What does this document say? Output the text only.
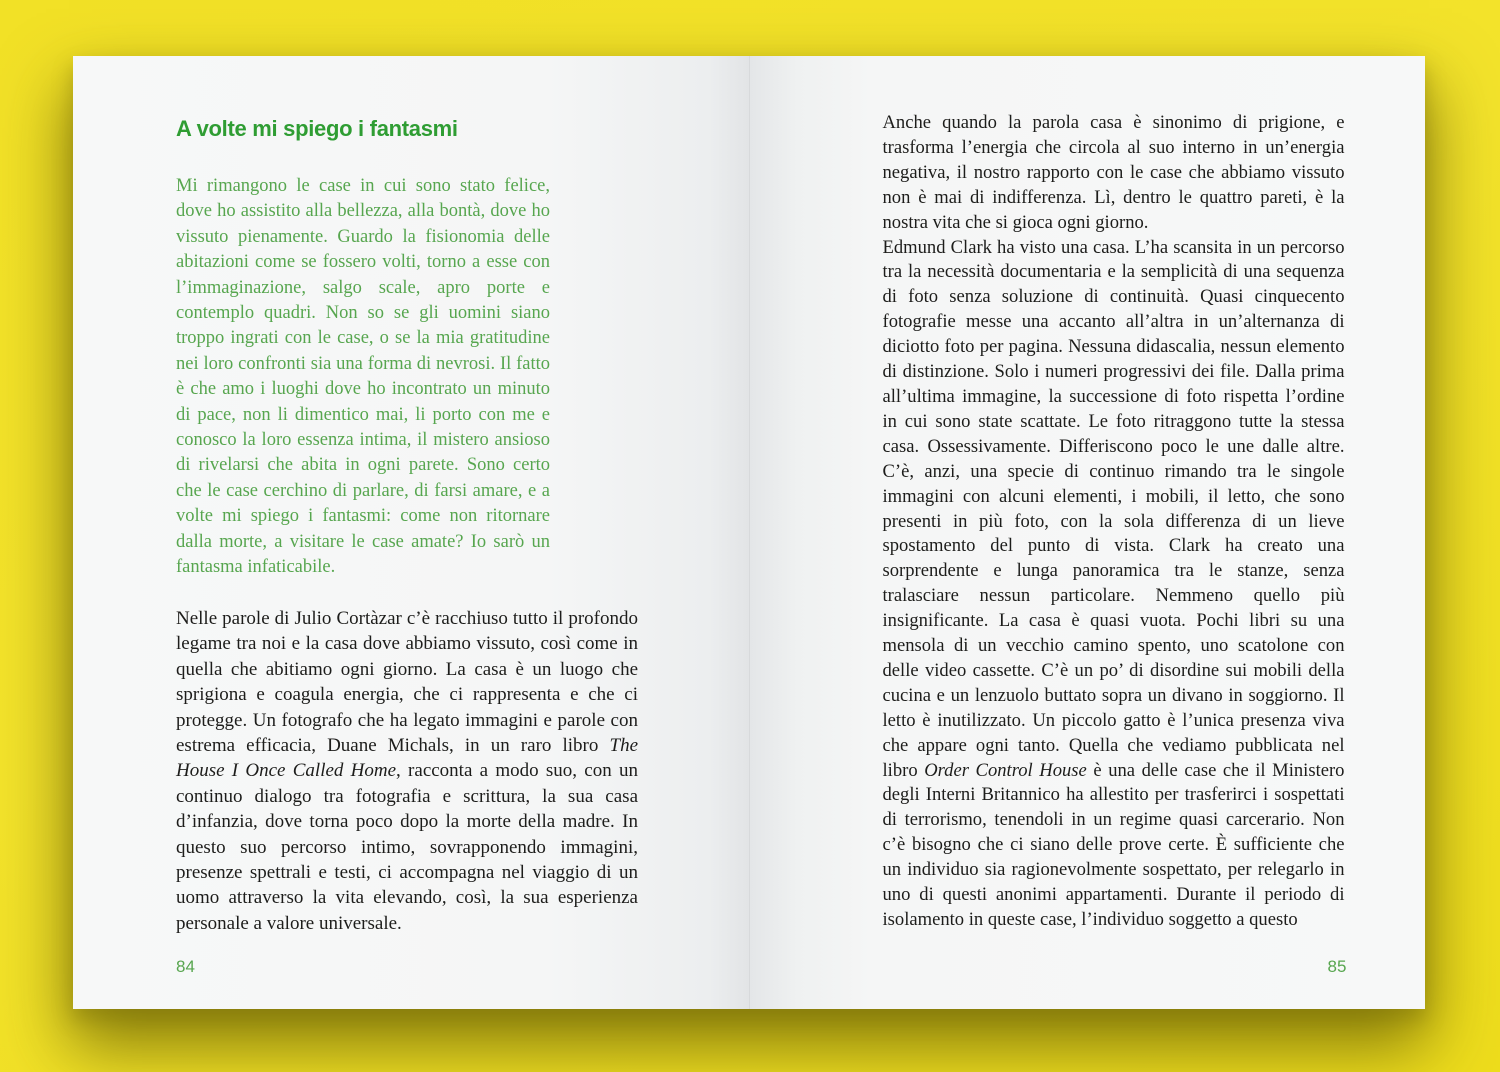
A volte mi spiego i fantasmi

Mi rimangono le case in cui sono stato felice, dove ho assistito alla bellezza, alla bontà, dove ho vissuto pienamente. Guardo la fisionomia delle abitazioni come se fossero volti, torno a esse con l’immaginazione, salgo scale, apro porte e contemplo quadri. Non so se gli uomini siano troppo ingrati con le case, o se la mia gratitudine nei loro confronti sia una forma di nevrosi. Il fatto è che amo i luoghi dove ho incontrato un minuto di pace, non li dimentico mai, li porto con me e conosco la loro essenza intima, il mistero ansioso di rivelarsi che abita in ogni parete. Sono certo che le case cerchino di parlare, di farsi amare, e a volte mi spiego i fantasmi: come non ritornare dalla morte, a visitare le case amate? Io sarò un fantasma infaticabile.

Nelle parole di Julio Cortàzar c’è racchiuso tutto il profondo legame tra noi e la casa dove abbiamo vissuto, così come in quella che abitiamo ogni giorno. La casa è un luogo che sprigiona e coagula energia, che ci rappresenta e che ci protegge. Un fotografo che ha legato immagini e parole con estrema efficacia, Duane Michals, in un raro libro The House I Once Called Home, racconta a modo suo, con un continuo dialogo tra fotografia e scrittura, la sua casa d’infanzia, dove torna poco dopo la morte della madre. In questo suo percorso intimo, sovrapponendo immagini, presenze spettrali e testi, ci accompagna nel viaggio di un uomo attraverso la vita elevando, così, la sua esperienza personale a valore universale.

84

Anche quando la parola casa è sinonimo di prigione, e trasforma l’energia che circola al suo interno in un’energia negativa, il nostro rapporto con le case che abbiamo vissuto non è mai di indifferenza. Lì, dentro le quattro pareti, è la nostra vita che si gioca ogni giorno.

Edmund Clark ha visto una casa. L’ha scansita in un percorso tra la necessità documentaria e la semplicità di una sequenza di foto senza soluzione di continuità. Quasi cinquecento fotografie messe una accanto all’altra in un’alternanza di diciotto foto per pagina. Nessuna didascalia, nessun elemento di distinzione. Solo i numeri progressivi dei file. Dalla prima all’ultima immagine, la successione di foto rispetta l’ordine in cui sono state scattate. Le foto ritraggono tutte la stessa casa. Ossessivamente. Differiscono poco le une dalle altre. C’è, anzi, una specie di continuo rimando tra le singole immagini con alcuni elementi, i mobili, il letto, che sono presenti in più foto, con la sola differenza di un lieve spostamento del punto di vista. Clark ha creato una sorprendente e lunga panoramica tra le stanze, senza tralasciare nessun particolare. Nemmeno quello più insignificante. La casa è quasi vuota. Pochi libri su una mensola di un vecchio camino spento, uno scatolone con delle video cassette. C’è un po’ di disordine sui mobili della cucina e un lenzuolo buttato sopra un divano in soggiorno. Il letto è inutilizzato. Un piccolo gatto è l’unica presenza viva che appare ogni tanto. Quella che vediamo pubblicata nel libro Order Control House è una delle case che il Ministero degli Interni Britannico ha allestito per trasferirci i sospettati di terrorismo, tenendoli in un regime quasi carcerario. Non c’è bisogno che ci siano delle prove certe. È sufficiente che un individuo sia ragionevolmente sospettato, per relegarlo in uno di questi anonimi appartamenti. Durante il periodo di isolamento in queste case, l’individuo soggetto a questo

85
